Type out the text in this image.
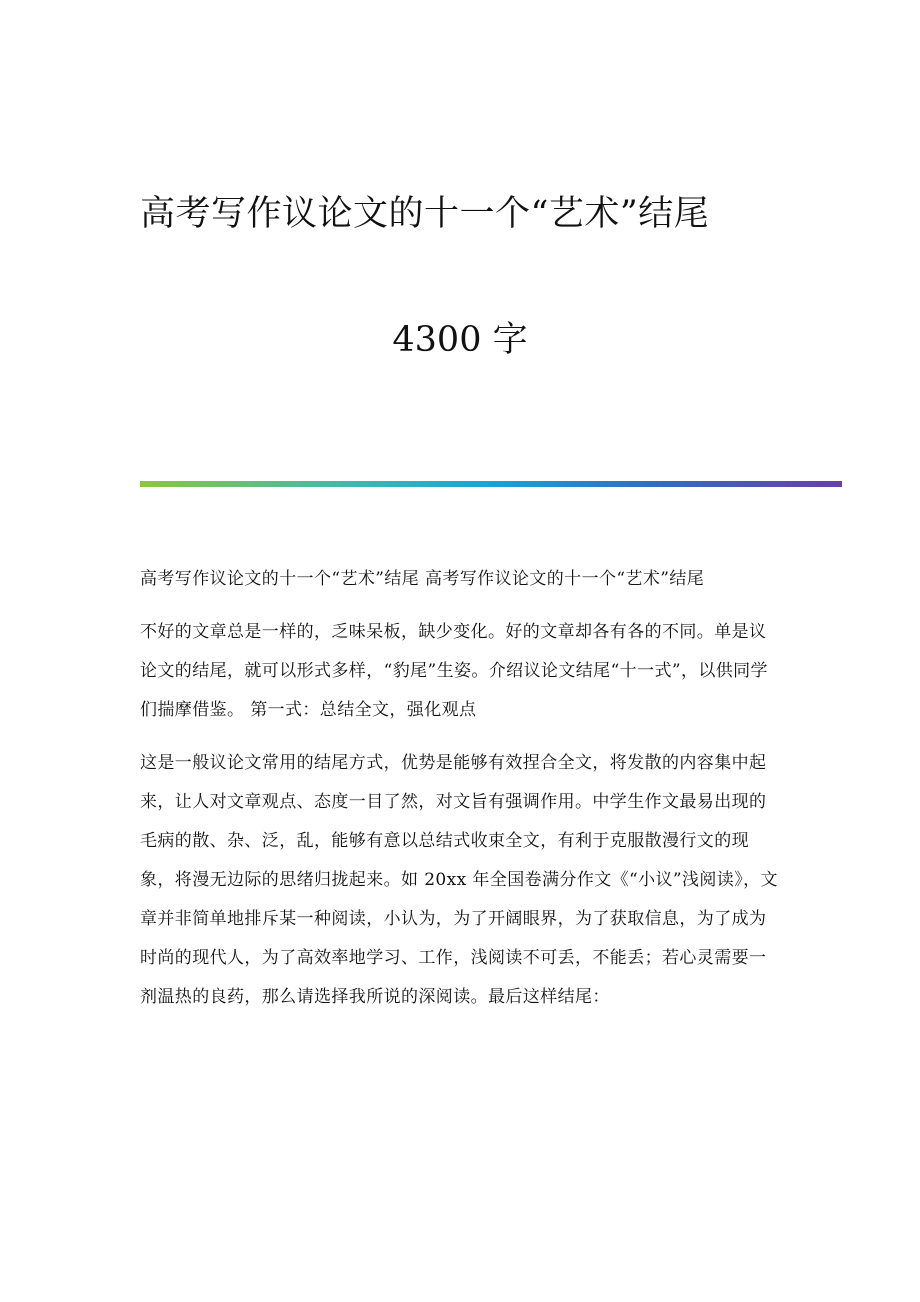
高考写作议论文的十一个“艺术”结尾
4300 字

高考写作议论文的十一个“艺术”结尾 高考写作议论文的十一个“艺术”结尾

不好的文章总是一样的，乏味呆板，缺少变化。好的文章却各有各的不同。单是议论文的结尾，就可以形式多样，“豹尾”生姿。介绍议论文结尾“十一式”，以供同学们揣摩借鉴。 第一式：总结全文，强化观点

这是一般议论文常用的结尾方式，优势是能够有效捏合全文，将发散的内容集中起来，让人对文章观点、态度一目了然，对文旨有强调作用。中学生作文最易出现的毛病的散、杂、泛，乱，能够有意以总结式收束全文，有利于克服散漫行文的现象，将漫无边际的思绪归拢起来。如 20xx 年全国卷满分作文《“小议”浅阅读》，文章并非简单地排斥某一种阅读，小认为，为了开阔眼界，为了获取信息，为了成为时尚的现代人，为了高效率地学习、工作，浅阅读不可丢，不能丢；若心灵需要一剂温热的良药，那么请选择我所说的深阅读。最后这样结尾：
